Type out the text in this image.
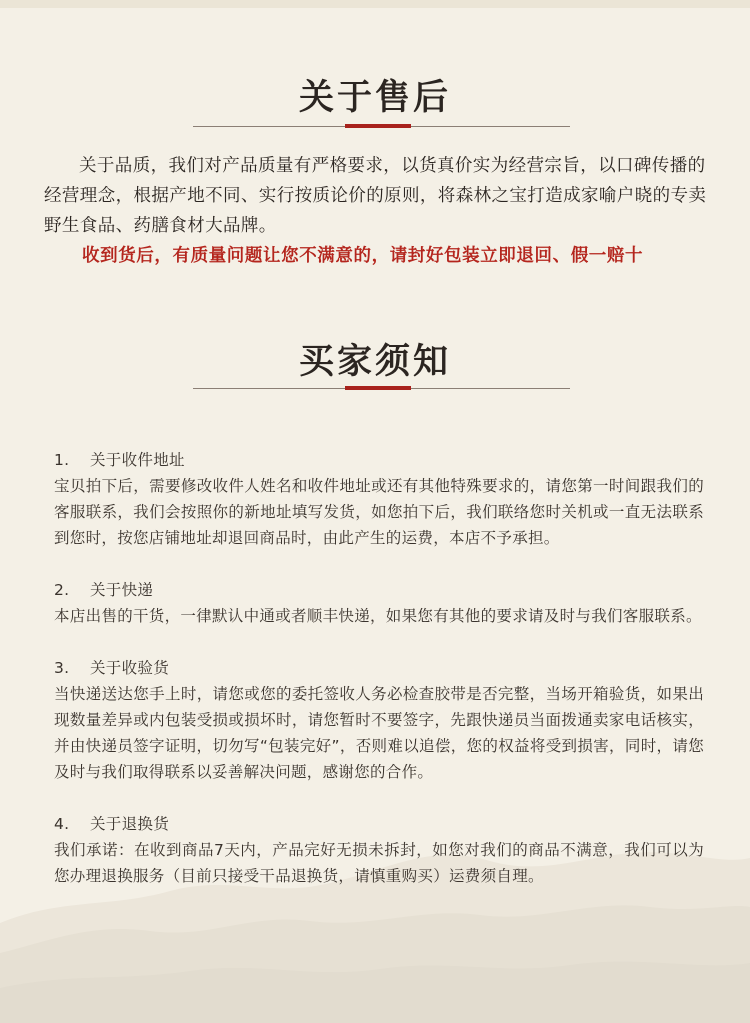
关于售后
关于品质，我们对产品质量有严格要求，以货真价实为经营宗旨，以口碑传播的经营理念，根据产地不同、实行按质论价的原则，将森林之宝打造成家喻户晓的专卖野生食品、药膳食材大品牌。
收到货后，有质量问题让您不满意的，请封好包装立即退回、假一赔十
买家须知
1.	关于收件地址
宝贝拍下后，需要修改收件人姓名和收件地址或还有其他特殊要求的，请您第一时间跟我们的客服联系，我们会按照你的新地址填写发货，如您拍下后，我们联络您时关机或一直无法联系到您时，按您店铺地址却退回商品时，由此产生的运费，本店不予承担。
2.	关于快递
本店出售的干货，一律默认中通或者顺丰快递，如果您有其他的要求请及时与我们客服联系。
3.	关于收验货
当快递送达您手上时，请您或您的委托签收人务必检查胶带是否完整，当场开箱验货，如果出现数量差异或内包装受损或损坏时，请您暂时不要签字，先跟快递员当面拨通卖家电话核实，并由快递员签字证明，切勿写“包装完好”，否则难以追偿，您的权益将受到损害，同时，请您及时与我们取得联系以妥善解决问题，感谢您的合作。
4.	关于退换货
我们承诺：在收到商品7天内，产品完好无损未拆封，如您对我们的商品不满意，我们可以为您办理退换服务（目前只接受干品退换货，请慎重购买）运费须自理。
